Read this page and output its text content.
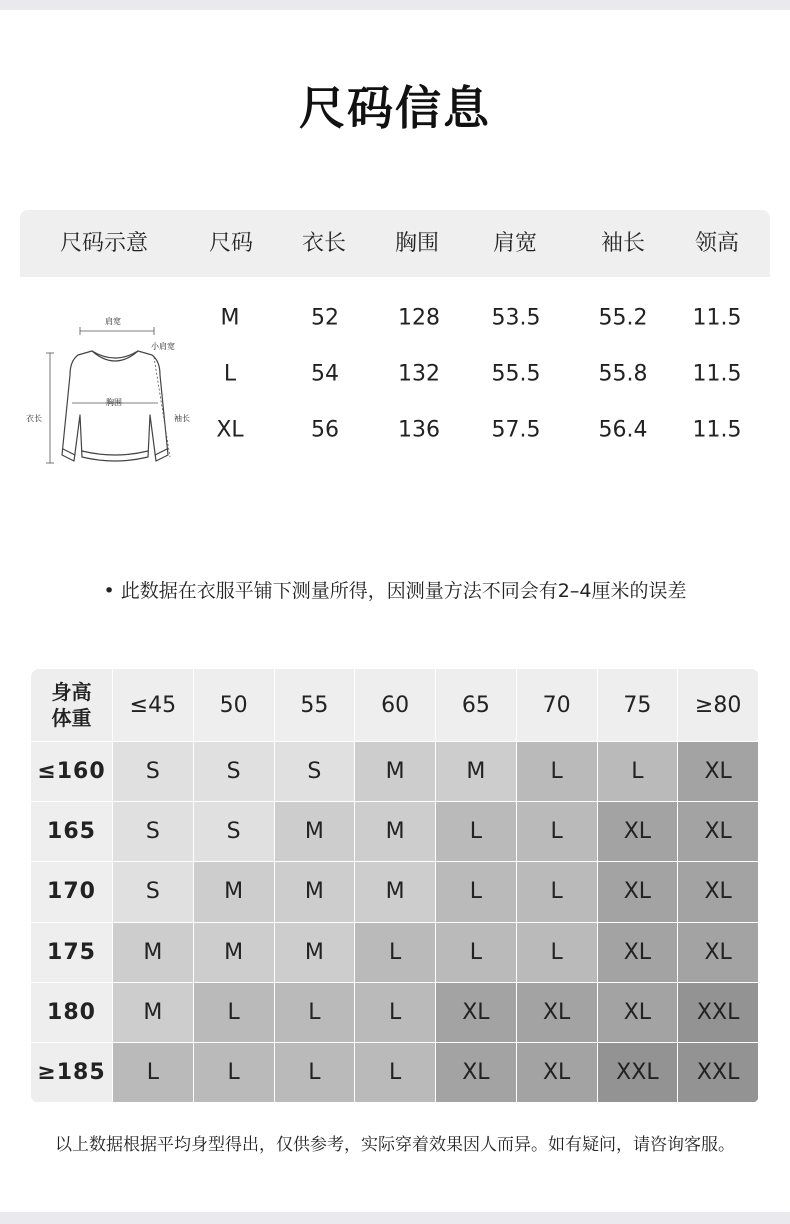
尺码信息
尺码示意	尺码 衣长 胸围 肩宽	袖长 领高
M	52	128 53.5	55.2 11.5
L	54	132 55.5	55.8 11.5
XL	56	136 57.5	56.4 11.5
肩宽
小肩宽
胸围
衣长	袖长
• 此数据在衣服平铺下测量所得，因测量方法不同会有2–4厘米的误差
身高
体重
≤45	50	55	60	65	70	75	≥80
≤160	S	S	S	M	M	L	L	XL
165	S	S	M	M	L	L	XL	XL
170	S	M	M	M	L	L	XL	XL
175	M	M	M	L	L	L	XL	XL
180	M	L	L	L	XL	XL	XL	XXL
≥185	L	L	L	L	XL	XL	XXL	XXL
以上数据根据平均身型得出，仅供参考，实际穿着效果因人而异。如有疑问，请咨询客服。
